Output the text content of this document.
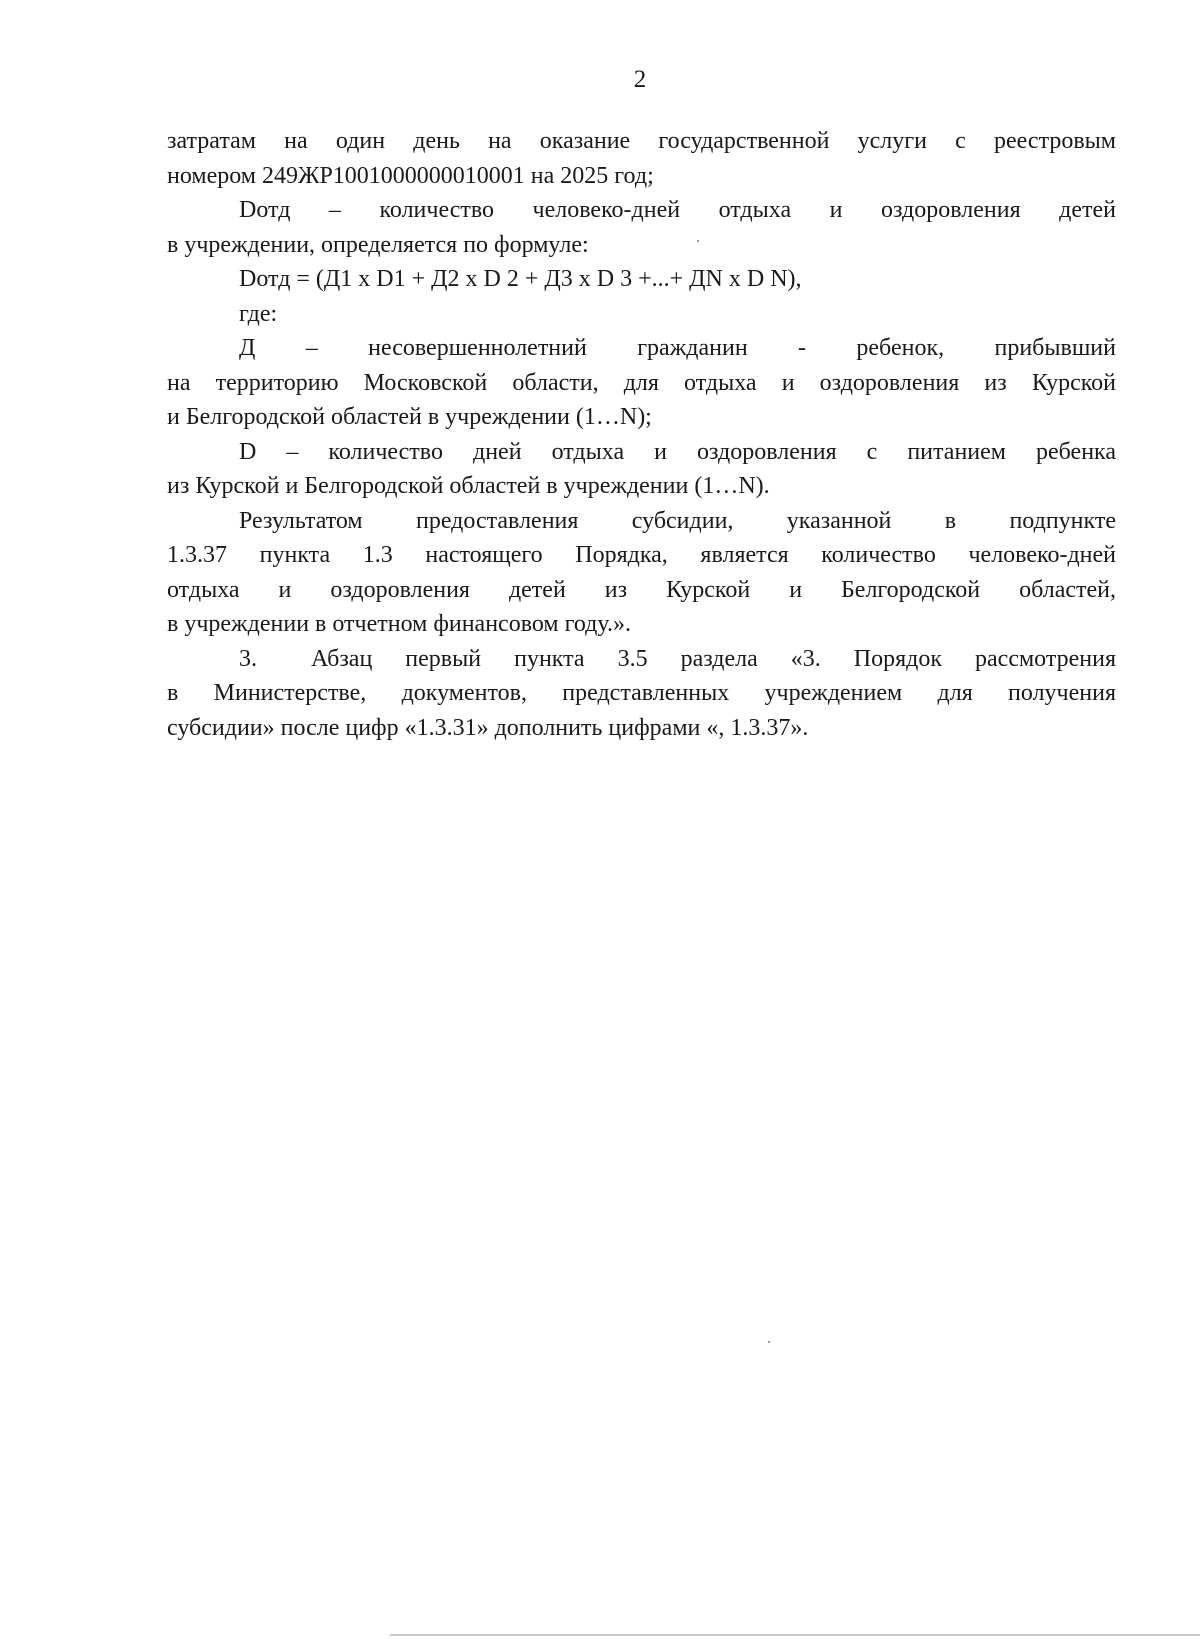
2
затратам на один день на оказание государственной услуги с реестровым
номером 249ЖР1001000000010001 на 2025 год;
Dотд – количество человеко-дней отдыха и оздоровления детей
в учреждении, определяется по формуле:
Dотд = (Д1 x D1 + Д2 x D 2 + Д3 x D 3 +...+ ДN x D N),
где:
Д – несовершеннолетний гражданин - ребенок, прибывший
на территорию Московской области, для отдыха и оздоровления из Курской
и Белгородской областей в учреждении (1…N);
D – количество дней отдыха и оздоровления с питанием ребенка
из Курской и Белгородской областей в учреждении (1…N).
Результатом предоставления субсидии, указанной в подпункте
1.3.37 пункта 1.3 настоящего Порядка, является количество человеко-дней
отдыха и оздоровления детей из Курской и Белгородской областей,
в учреждении в отчетном финансовом году.».
3. Абзац первый пункта 3.5 раздела «3. Порядок рассмотрения
в Министерстве, документов, представленных учреждением для получения
субсидии» после цифр «1.3.31» дополнить цифрами «, 1.3.37».
